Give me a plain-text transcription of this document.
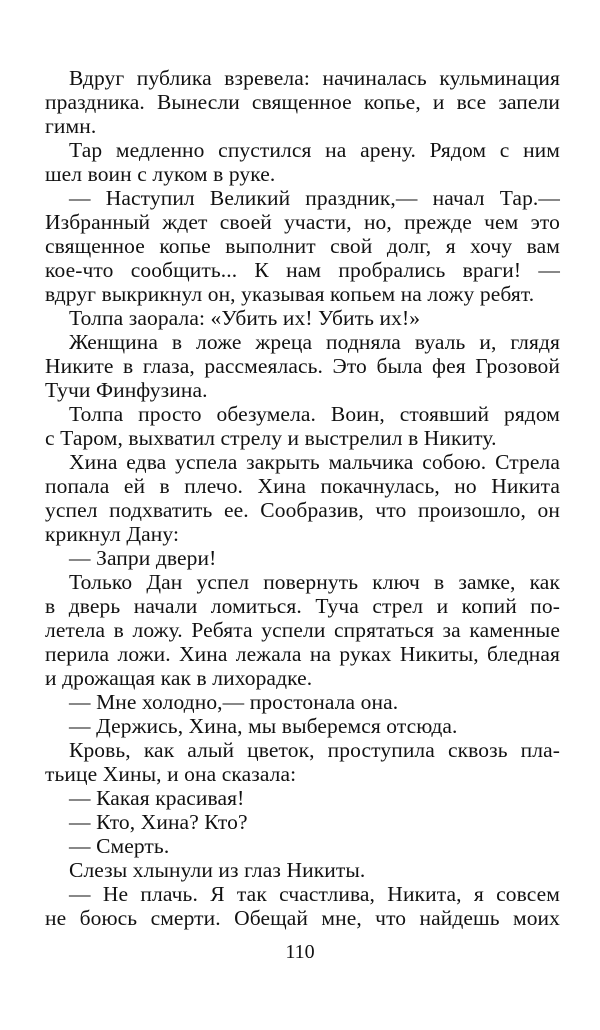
Вдруг публика взревела: начиналась кульминация
праздника. Вынесли священное копье, и все запели
гимн.
Тар медленно спустился на арену. Рядом с ним
шел воин с луком в руке.
— Наступил Великий праздник,— начал Тар.—
Избранный ждет своей участи, но, прежде чем это
священное копье выполнит свой долг, я хочу вам
кое-что сообщить... К нам пробрались враги! —
вдруг выкрикнул он, указывая копьем на ложу ребят.
Толпа заорала: «Убить их! Убить их!»
Женщина в ложе жреца подняла вуаль и, глядя
Никите в глаза, рассмеялась. Это была фея Грозовой
Тучи Финфузина.
Толпа просто обезумела. Воин, стоявший рядом
с Таром, выхватил стрелу и выстрелил в Никиту.
Хина едва успела закрыть мальчика собою. Стрела
попала ей в плечо. Хина покачнулась, но Никита
успел подхватить ее. Сообразив, что произошло, он
крикнул Дану:
— Запри двери!
Только Дан успел повернуть ключ в замке, как
в дверь начали ломиться. Туча стрел и копий по-
летела в ложу. Ребята успели спрятаться за каменные
перила ложи. Хина лежала на руках Никиты, бледная
и дрожащая как в лихорадке.
— Мне холодно,— простонала она.
— Держись, Хина, мы выберемся отсюда.
Кровь, как алый цветок, проступила сквозь пла-
тьице Хины, и она сказала:
— Какая красивая!
— Кто, Хина? Кто?
— Смерть.
Слезы хлынули из глаз Никиты.
— Не плачь. Я так счастлива, Никита, я совсем
не боюсь смерти. Обещай мне, что найдешь моих
110
